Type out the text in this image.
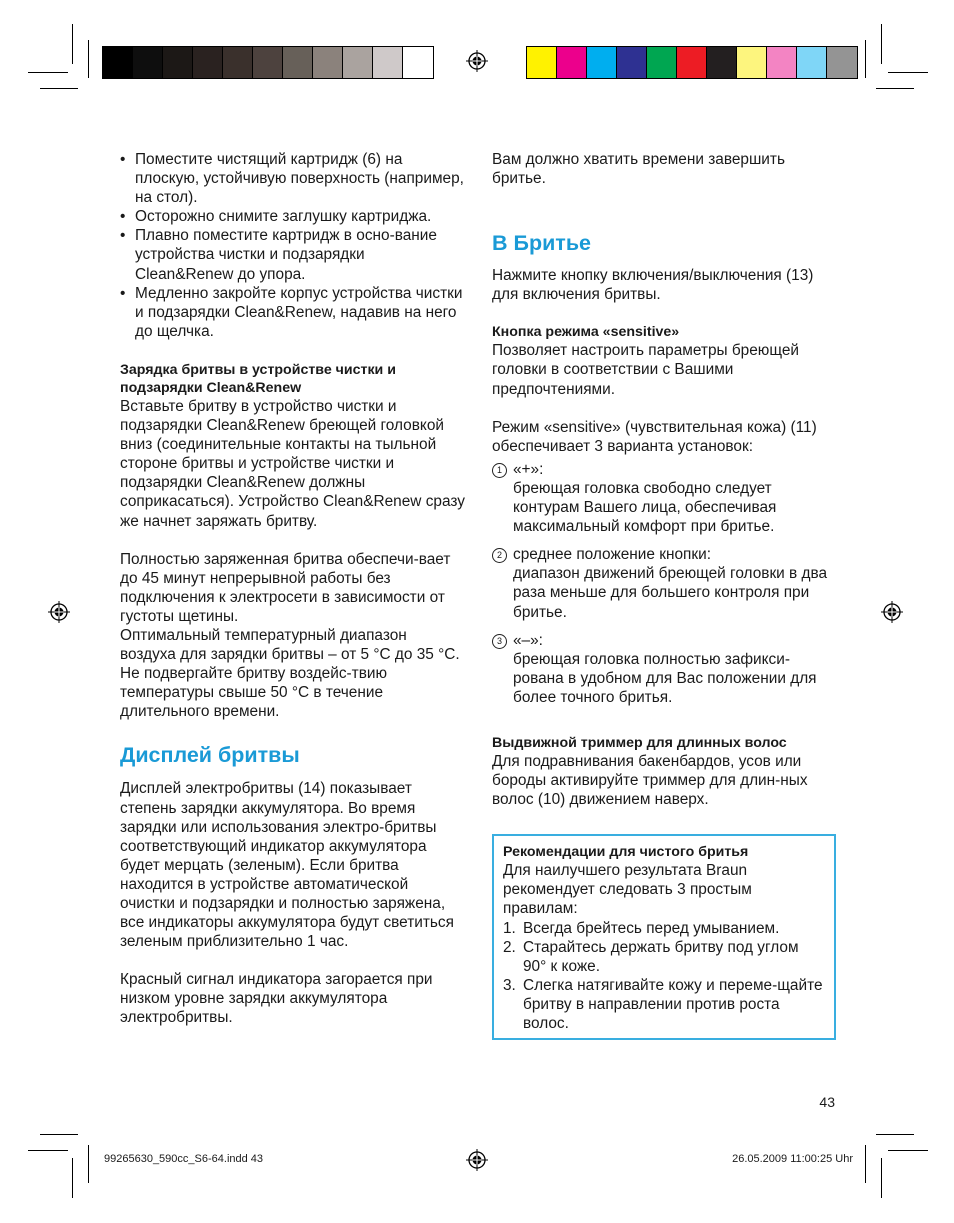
• Поместите чистящий картридж (6) на плоскую, устойчивую поверхность (например, на стол).
• Осторожно снимите заглушку картриджа.
• Плавно поместите картридж в осно-вание устройства чистки и подзарядки Clean&Renew до упора.
• Медленно закройте корпус устройства чистки и подзарядки Clean&Renew, надавив на него до щелчка.

Зарядка бритвы в устройстве чистки и подзарядки Clean&Renew

Вставьте бритву в устройство чистки и подзарядки Clean&Renew бреющей головкой вниз (соединительные контакты на тыльной стороне бритвы и устройстве чистки и подзарядки Clean&Renew должны соприкасаться). Устройство Clean&Renew сразу же начнет заряжать бритву.

Полностью заряженная бритва обеспечи-вает до 45 минут непрерывной работы без подключения к электросети в зависимости от густоты щетины.

Оптимальный температурный диапазон воздуха для зарядки бритвы – от 5 °C до 35 °C. Не подвергайте бритву воздейс-твию температуры свыше 50 °C в течение длительного времени.

Дисплей бритвы

Дисплей электробритвы (14) показывает степень зарядки аккумулятора. Во время зарядки или использования электро-бритвы соответствующий индикатор аккумулятора будет мерцать (зеленым). Если бритва находится в устройстве автоматической очистки и подзарядки и полностью заряжена, все индикаторы аккумулятора будут светиться зеленым приблизительно 1 час.

Красный сигнал индикатора загорается при низком уровне зарядки аккумулятора электробритвы.

Вам должно хватить времени завершить бритье.

В Бритье

Нажмите кнопку включения/выключения (13) для включения бритвы.

Кнопка режима «sensitive»

Позволяет настроить параметры бреющей головки в соответствии с Вашими предпочтениями.

Режим «sensitive» (чувствительная кожа) (11) обеспечивает 3 варианта установок:

1 «+»:

бреющая головка свободно следует контурам Вашего лица, обеспечивая максимальный комфорт при бритье.

2 среднее положение кнопки:

диапазон движений бреющей головки в два раза меньше для большего контроля при бритье.

3 «–»:

бреющая головка полностью зафикси-рована в удобном для Вас положении для более точного бритья.

Выдвижной триммер для длинных волос

Для подравнивания бакенбардов, усов или бороды активируйте триммер для длин-ных волос (10) движением наверх.

Рекомендации для чистого бритья

Для наилучшего результата Braun рекомендует следовать 3 простым правилам:

1. Всегда брейтесь перед умыванием.
2. Старайтесь держать бритву под углом 90° к коже.
3. Слегка натягивайте кожу и переме-щайте бритву в направлении против роста волос.
43
99265630_590cc_S6-64.indd 43	26.05.2009 11:00:25 Uhr
